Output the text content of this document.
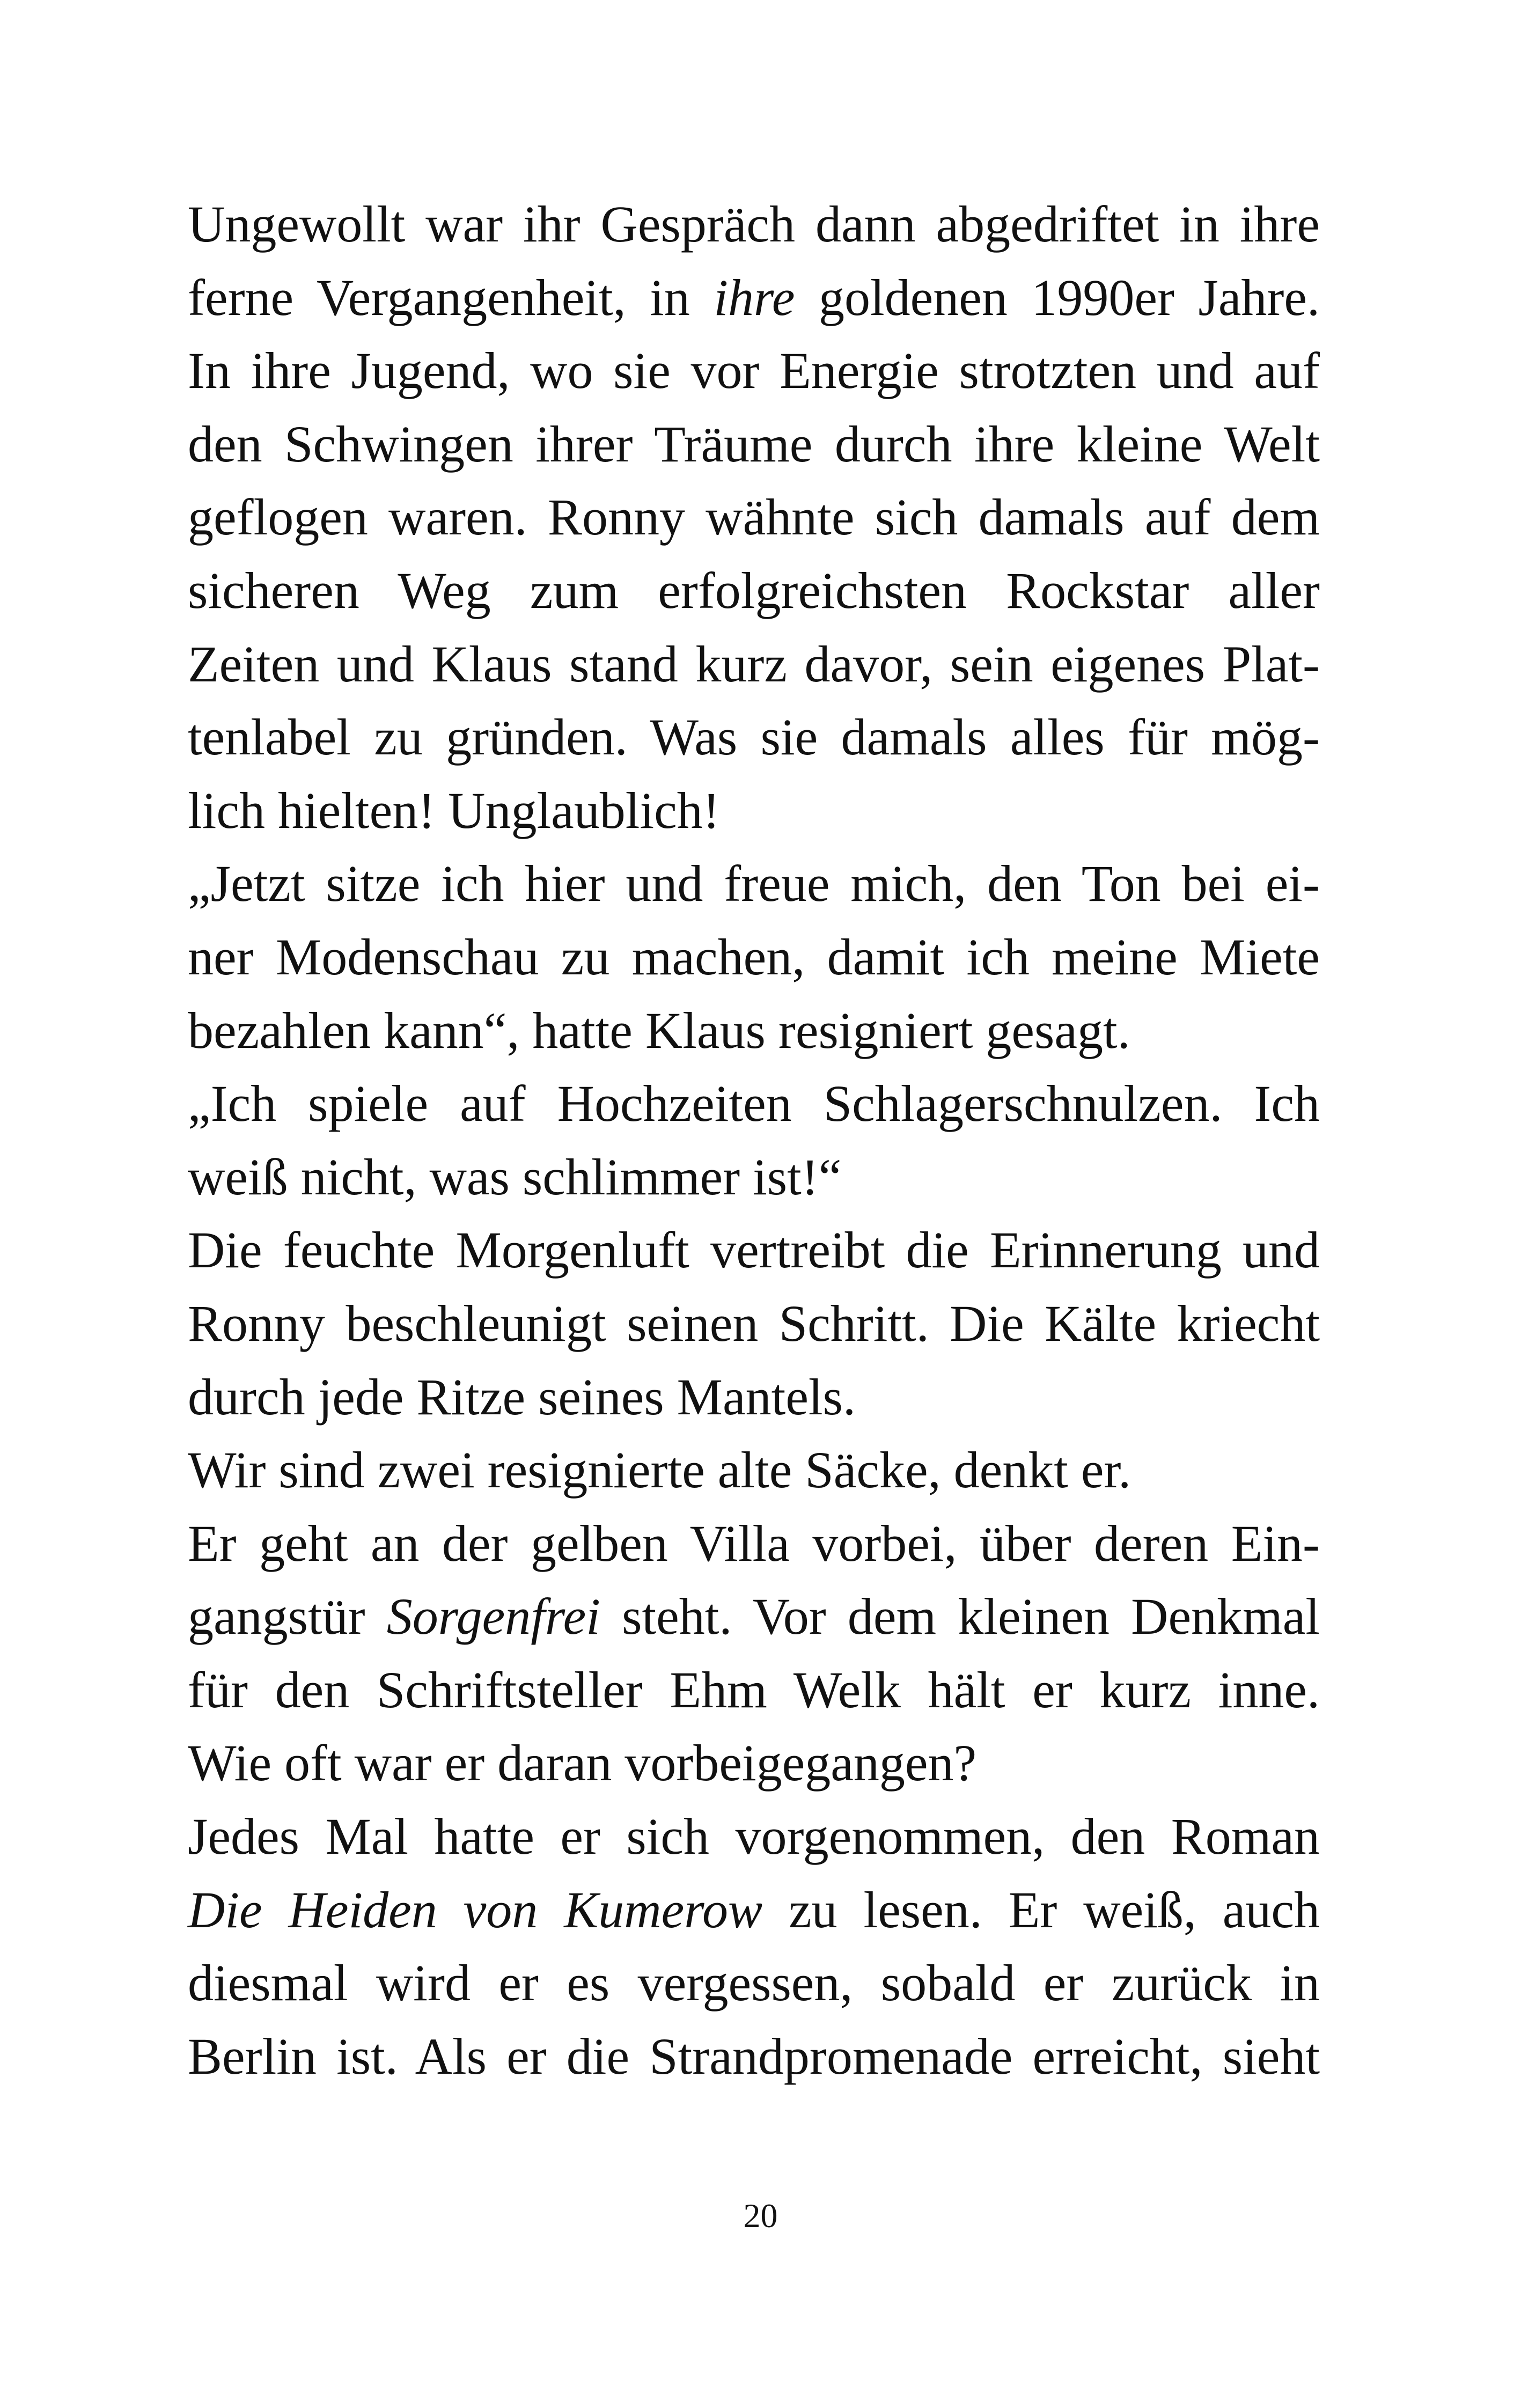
Ungewollt war ihr Gespräch dann abgedriftet in ihre
ferne Vergangenheit, in ihre goldenen 1990er Jahre.
In ihre Jugend, wo sie vor Energie strotzten und auf
den Schwingen ihrer Träume durch ihre kleine Welt
geflogen waren. Ronny wähnte sich damals auf dem
sicheren Weg zum erfolgreichsten Rockstar aller
Zeiten und Klaus stand kurz davor, sein eigenes Plat-
tenlabel zu gründen. Was sie damals alles für mög-
lich hielten! Unglaublich!
„Jetzt sitze ich hier und freue mich, den Ton bei ei-
ner Modenschau zu machen, damit ich meine Miete
bezahlen kann“, hatte Klaus resigniert gesagt.
„Ich spiele auf Hochzeiten Schlagerschnulzen. Ich
weiß nicht, was schlimmer ist!“
Die feuchte Morgenluft vertreibt die Erinnerung und
Ronny beschleunigt seinen Schritt. Die Kälte kriecht
durch jede Ritze seines Mantels.
Wir sind zwei resignierte alte Säcke, denkt er.
Er geht an der gelben Villa vorbei, über deren Ein-
gangstür Sorgenfrei steht. Vor dem kleinen Denkmal
für den Schriftsteller Ehm Welk hält er kurz inne.
Wie oft war er daran vorbeigegangen?
Jedes Mal hatte er sich vorgenommen, den Roman
Die Heiden von Kumerow zu lesen. Er weiß, auch
diesmal wird er es vergessen, sobald er zurück in
Berlin ist. Als er die Strandpromenade erreicht, sieht
20
